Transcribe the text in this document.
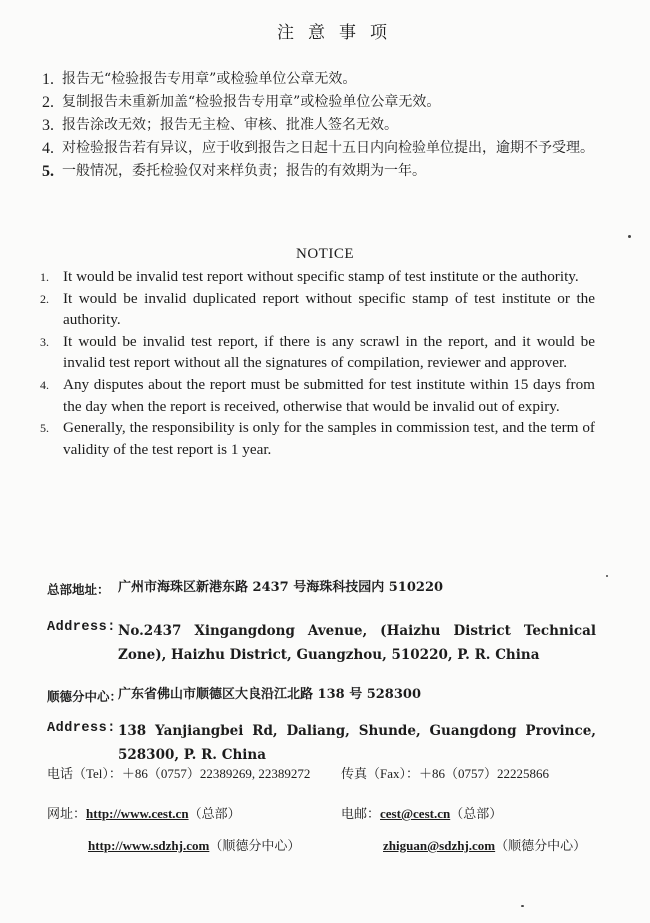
注意事项
1. 报告无“检验报告专用章”或检验单位公章无效。
2. 复制报告未重新加盖“检验报告专用章”或检验单位公章无效。
3. 报告涂改无效；报告无主检、审核、批准人签名无效。
4. 对检验报告若有异议，应于收到报告之日起十五日内向检验单位提出，逾期不予受理。
5. 一般情况，委托检验仅对来样负责；报告的有效期为一年。
NOTICE
1. It would be invalid test report without specific stamp of test institute or the authority.
2. It would be invalid duplicated report without specific stamp of test institute or the authority.
3. It would be invalid test report, if there is any scrawl in the report, and it would be invalid test report without all the signatures of compilation, reviewer and approver.
4. Any disputes about the report must be submitted for test institute within 15 days from the day when the report is received, otherwise that would be invalid out of expiry.
5. Generally, the responsibility is only for the samples in commission test, and the term of validity of the test report is 1 year.
总部地址： 广州市海珠区新港东路 2437 号海珠科技园内 510220
Address: No.2437 Xingangdong Avenue, (Haizhu District Technical Zone), Haizhu District, Guangzhou, 510220, P. R. China
顺德分中心：
广东省佛山市顺德区大良沿江北路 138 号 528300
Address: 138 Yanjiangbei Rd, Daliang, Shunde, Guangdong Province, 528300, P. R. China
电话（Tel）：＋86（0757）22389269, 22389272 传真（Fax）：＋86（0757）22225866
网址：http://www.cest.cn（总部）
http://www.sdzhj.com（顺德分中心）
电邮：cest@cest.cn（总部）
zhiguan@sdzhj.com（顺德分中心）
